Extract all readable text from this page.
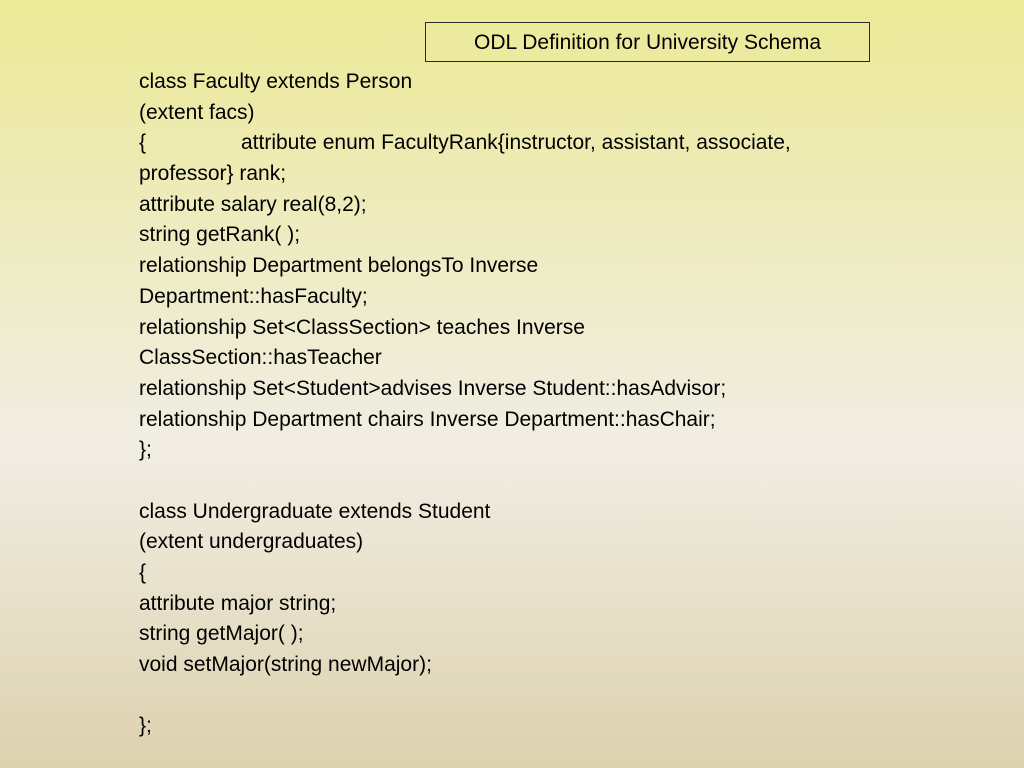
ODL Definition for University Schema
class Faculty extends Person
(extent facs)
{	attribute enum FacultyRank{instructor, assistant, associate,
professor} rank;
attribute salary real(8,2);
string getRank( );
relationship Department belongsTo Inverse
Department::hasFaculty;
relationship Set<ClassSection> teaches Inverse
ClassSection::hasTeacher
relationship Set<Student>advises Inverse Student::hasAdvisor;
relationship Department chairs Inverse Department::hasChair;
};
class Undergraduate extends Student
(extent undergraduates)
{
attribute major string;
string getMajor( );
void setMajor(string newMajor);
};
